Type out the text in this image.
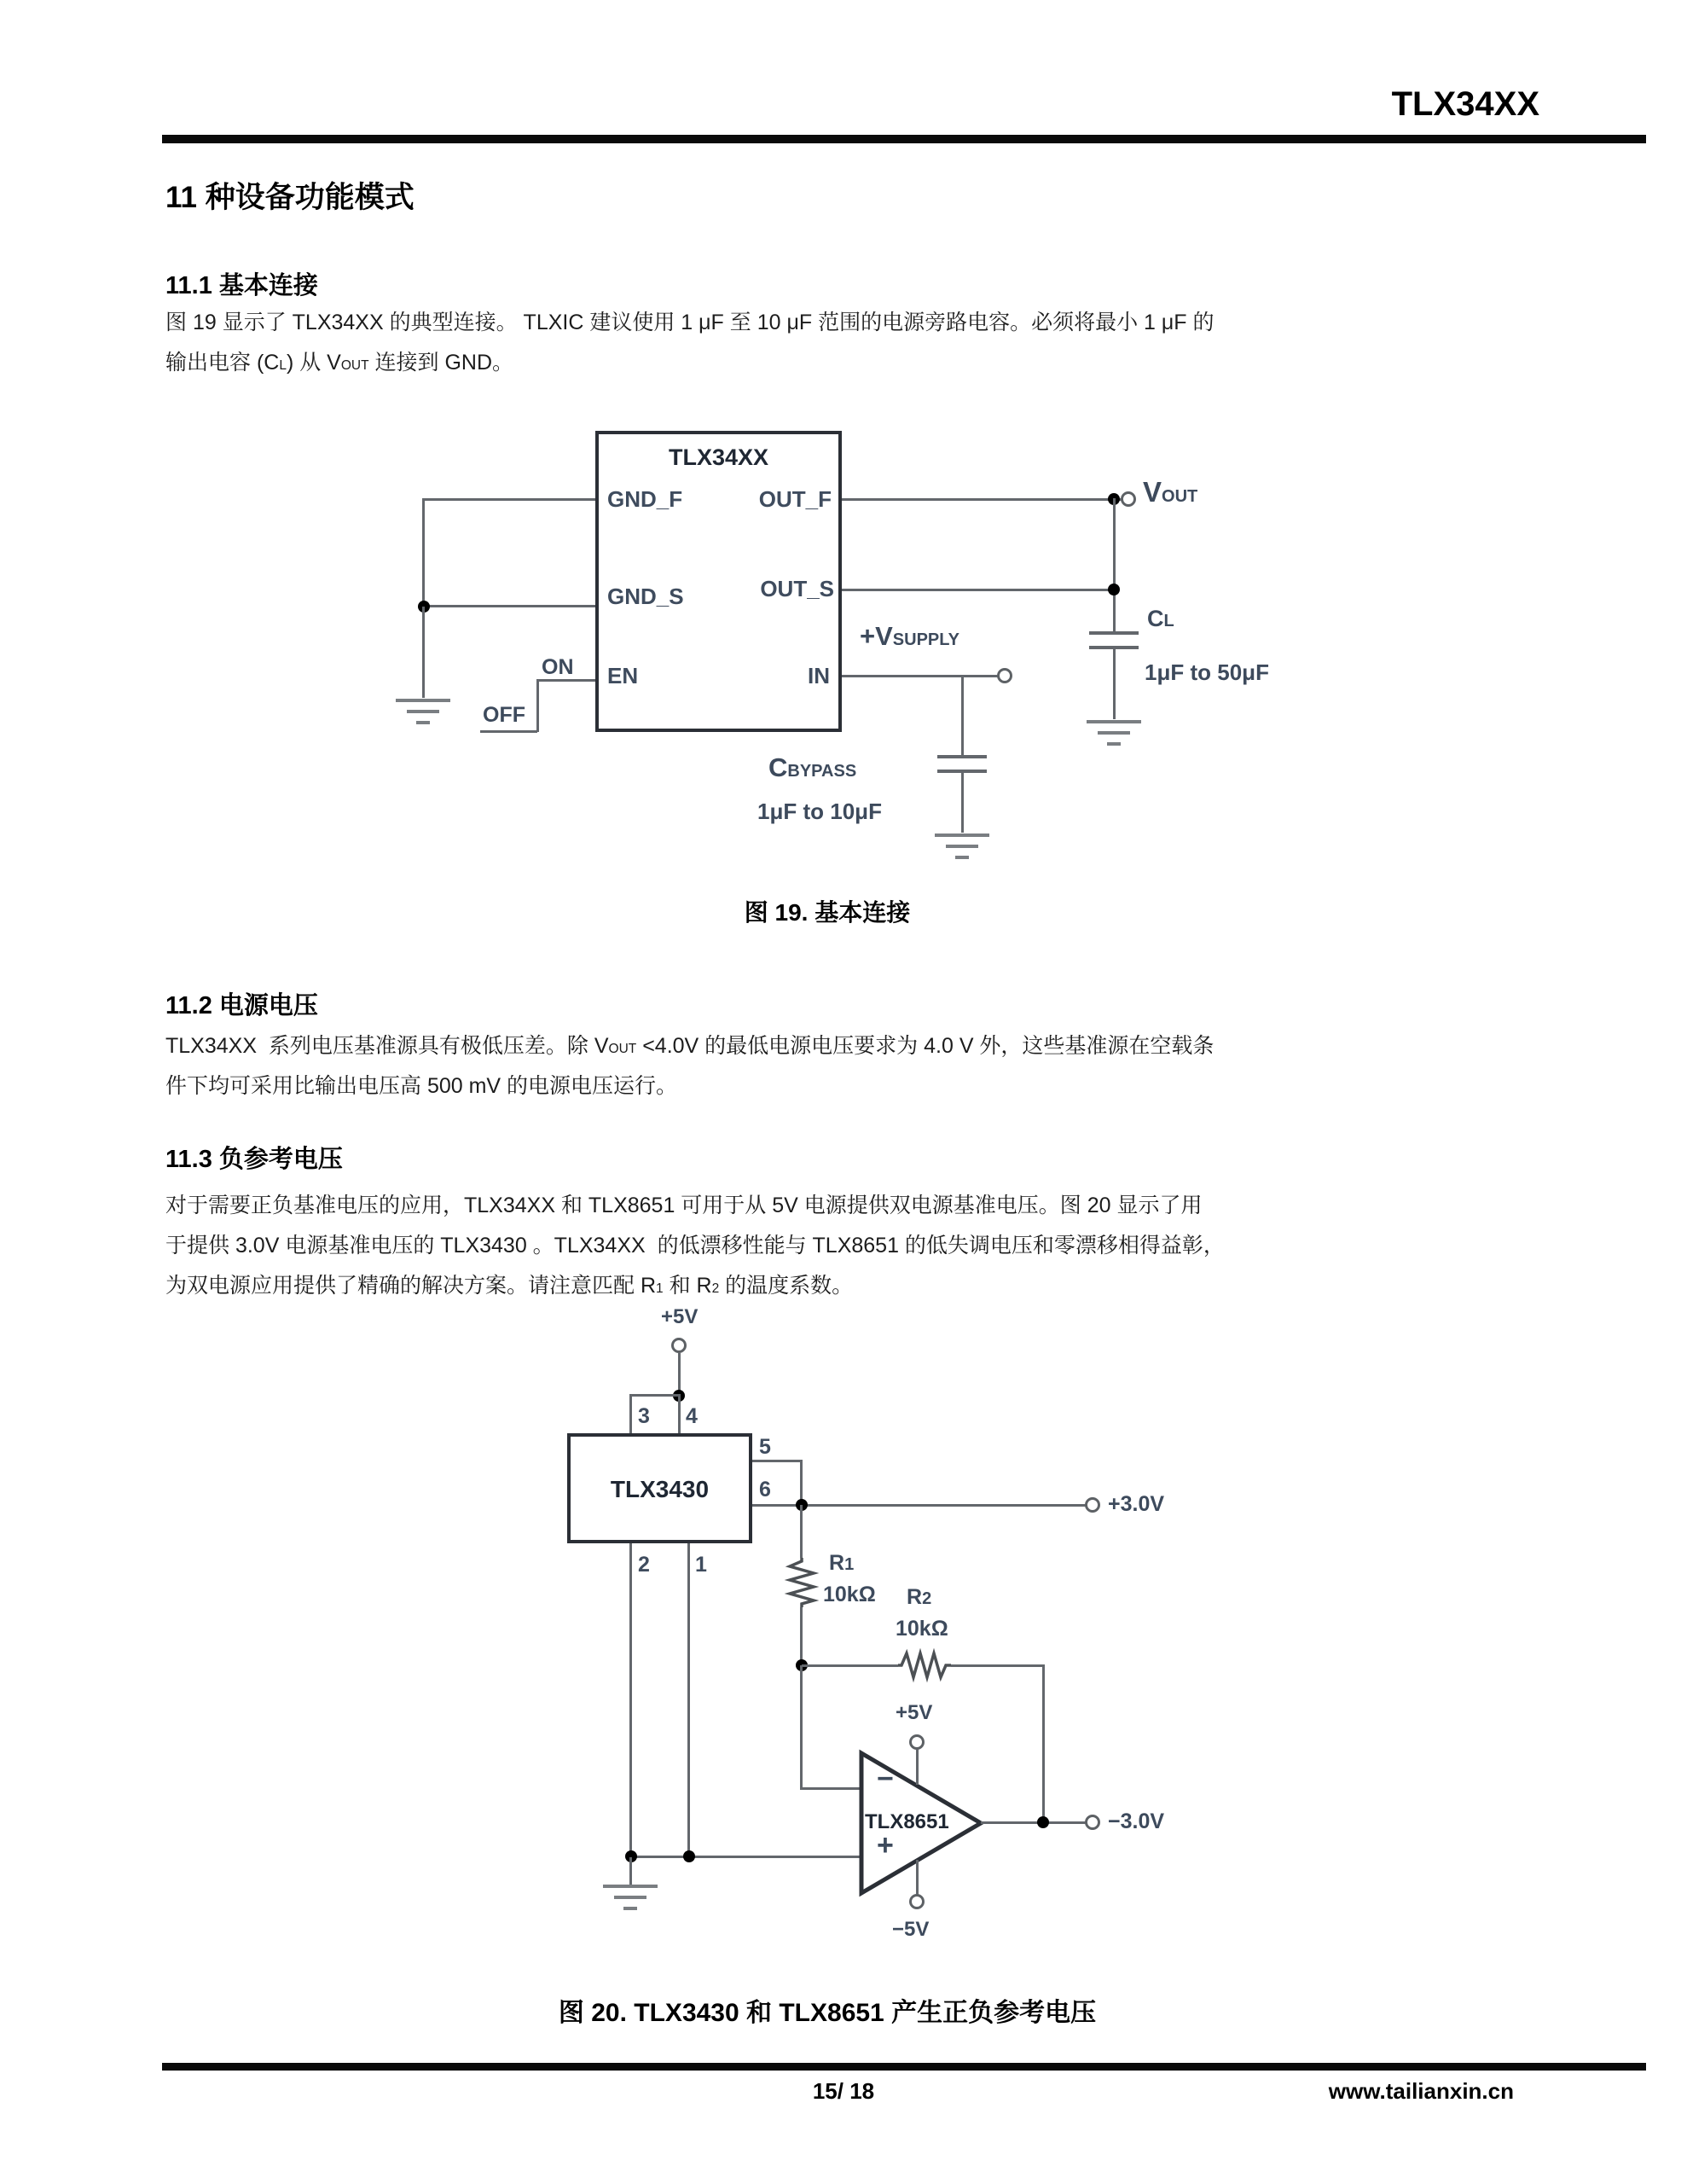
TLX34XX
11 种设备功能模式
11.1 基本连接
图 19 显示了 TLX34XX 的典型连接。 TLXIC 建议使用 1 μF 至 10 μF 范围的电源旁路电容。必须将最小 1 μF 的
输出电容 (CL) 从 VOUT 连接到 GND。
TLX34XX
GND_F
GND_S
EN
OUT_F
OUT_S
IN
ON
OFF
VOUT
CL
1μF to 50μF
+VSUPPLY
CBYPASS
1μF to 10μF
图 19. 基本连接
11.2 电源电压
TLX34XX  系列电压基准源具有极低压差。除 VOUT <4.0V 的最低电源电压要求为 4.0 V 外，这些基准源在空载条
件下均可采用比输出电压高 500 mV 的电源电压运行。
11.3 负参考电压
对于需要正负基准电压的应用，TLX34XX 和 TLX8651 可用于从 5V 电源提供双电源基准电压。图 20 显示了用
于提供 3.0V 电源基准电压的 TLX3430 。TLX34XX  的低漂移性能与 TLX8651 的低失调电压和零漂移相得益彰，
为双电源应用提供了精确的解决方案。请注意匹配 R1 和 R2 的温度系数。
+5V
3 4
TLX3430
5
6
+3.0V
R1
10kΩ R2
10kΩ
2 1
TLX8651
−
+
+5V
−5V
−3.0V
图 20. TLX3430 和 TLX8651 产生正负参考电压
15/ 18	www.tailianxin.cn
